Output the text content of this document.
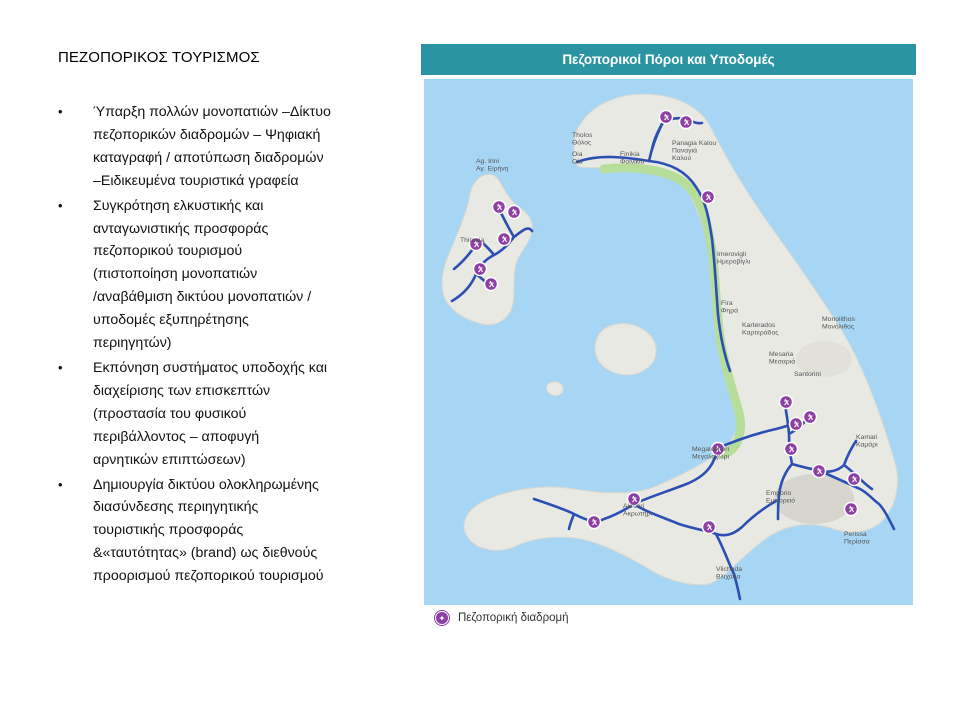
ΠΕΖΟΠΟΡΙΚΟΣ ΤΟΥΡΙΣΜΟΣ
• Ύπαρξη πολλών μονοπατιών –Δίκτυο
πεζοπορικών διαδρομών – Ψηφιακή
καταγραφή / αποτύπωση διαδρομών
–Ειδικευμένα τουριστικά γραφεία
• Συγκρότηση ελκυστικής και
ανταγωνιστικής προσφοράς
πεζοπορικού τουρισμού
(πιστοποίηση μονοπατιών
/αναβάθμιση δικτύου μονοπατιών /
υποδομές εξυπηρέτησης
περιηγητών)
• Εκπόνηση συστήματος υποδοχής και
διαχείρισης των επισκεπτών
(προστασία του φυσικού
περιβάλλοντος – αποφυγή
αρνητικών επιπτώσεων)
• Δημιουργία δικτύου ολοκληρωμένης
διασύνδεσης περιηγητικής
τουριστικής προσφοράς
&«ταυτότητας» (brand) ως διεθνούς
προορισμού πεζοπορικού τουρισμού
Πεζοπορικοί Πόροι και Υποδομές
Tholos Θόλος
Oia Οία
Finikia Φοινικιά
Panagia Kalou Παναγιά Καλού
Ag. Irini Αγ. Ειρήνη
Thirasia
Imerovigli Ημεροβίγλι
Fira Φηρά
Karterados Καρτεράδος
Monolithos Μονόλιθος
Mesaria Μεσαριά
Santorini
Megalochori Μεγαλοχώρι
Kamari Καμάρι
Akrotiri Ακρωτήρι
Emporio Εμπορειό
Perissa Περίσσα
Vlichada Βλιχάδα
✦	Πεζοπορική διαδρομή
